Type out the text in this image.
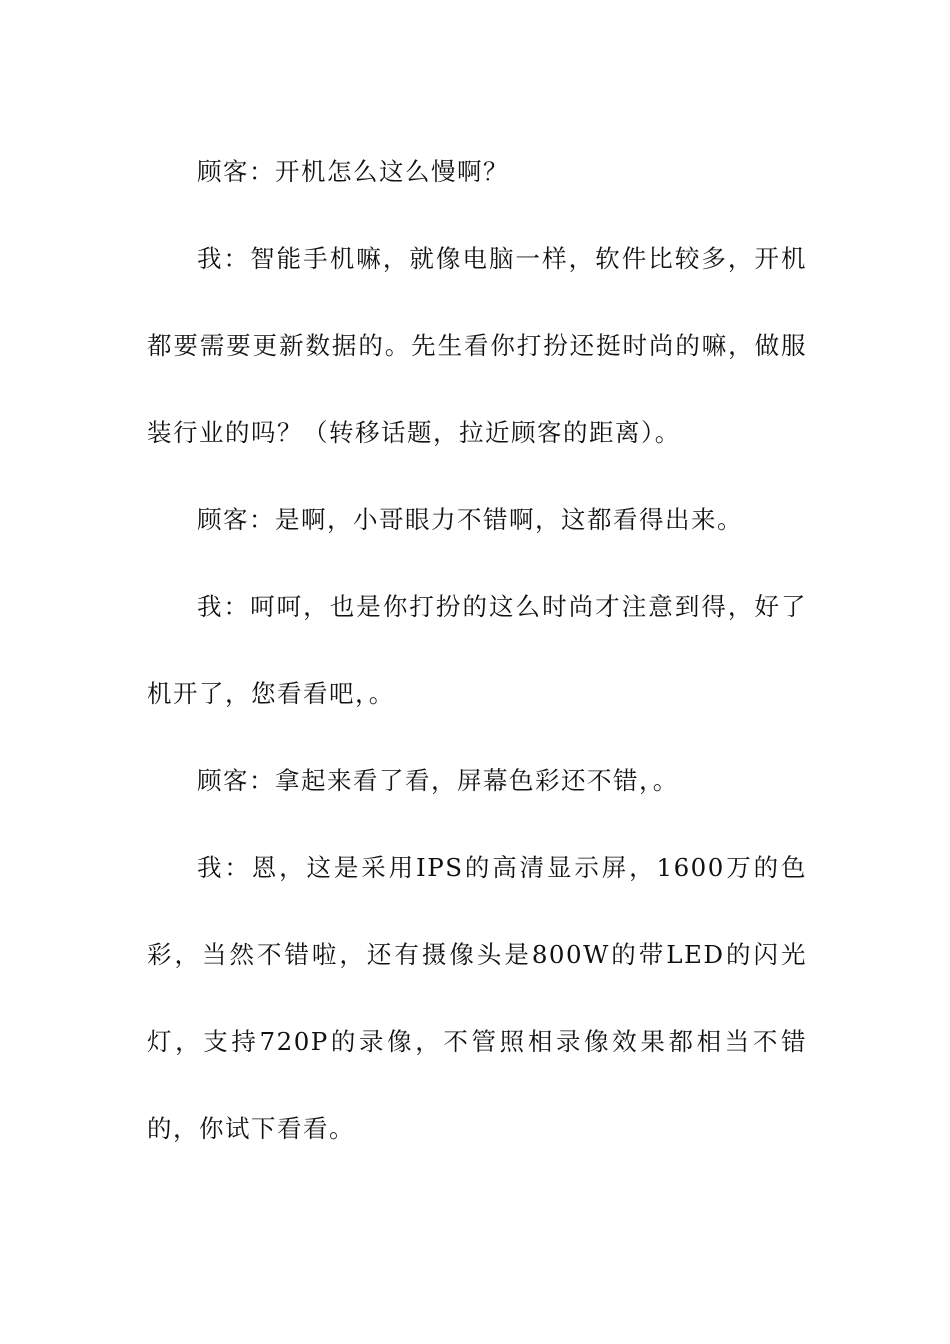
顾客：开机怎么这么慢啊？

我：智能手机嘛，就像电脑一样，软件比较多，开机都要需要更新数据的。先生看你打扮还挺时尚的嘛，做服装行业的吗？（转移话题，拉近顾客的距离）。

顾客：是啊，小哥眼力不错啊，这都看得出来。

我：呵呵，也是你打扮的这么时尚才注意到得，好了机开了，您看看吧，。

顾客：拿起来看了看，屏幕色彩还不错，。

我：恩，这是采用IPS的高清显示屏，1600万的色彩，当然不错啦，还有摄像头是800W的带LED的闪光灯，支持720P的录像，不管照相录像效果都相当不错的，你试下看看。
